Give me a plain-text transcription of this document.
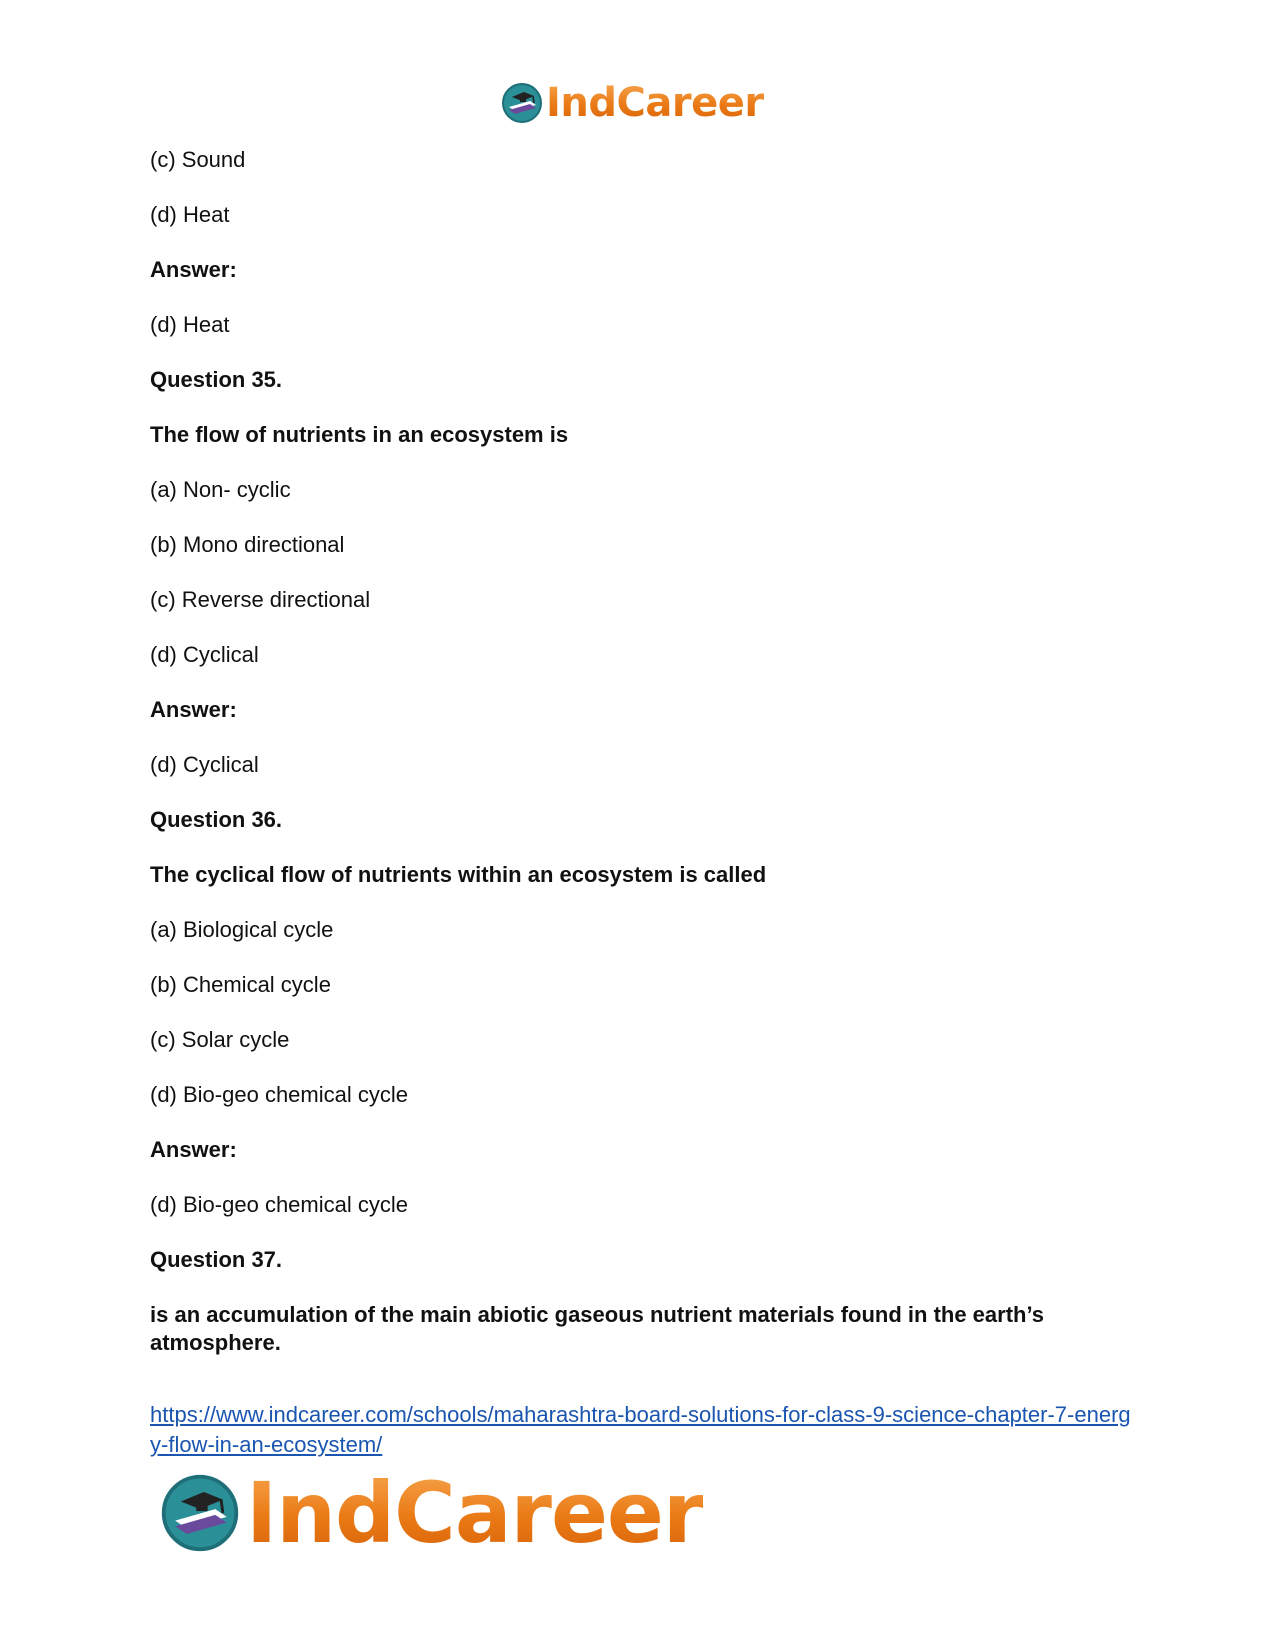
IndCareer
(c) Sound
(d) Heat
Answer:
(d) Heat
Question 35.
The flow of nutrients in an ecosystem is
(a) Non- cyclic
(b) Mono directional
(c) Reverse directional
(d) Cyclical
Answer:
(d) Cyclical
Question 36.
The cyclical flow of nutrients within an ecosystem is called
(a) Biological cycle
(b) Chemical cycle
(c) Solar cycle
(d) Bio-geo chemical cycle
Answer:
(d) Bio-geo chemical cycle
Question 37.
is an accumulation of the main abiotic gaseous nutrient materials found in the earth’s atmosphere.
https://www.indcareer.com/schools/maharashtra-board-solutions-for-class-9-science-chapter-7-energy-flow-in-an-ecosystem/
IndCareer
